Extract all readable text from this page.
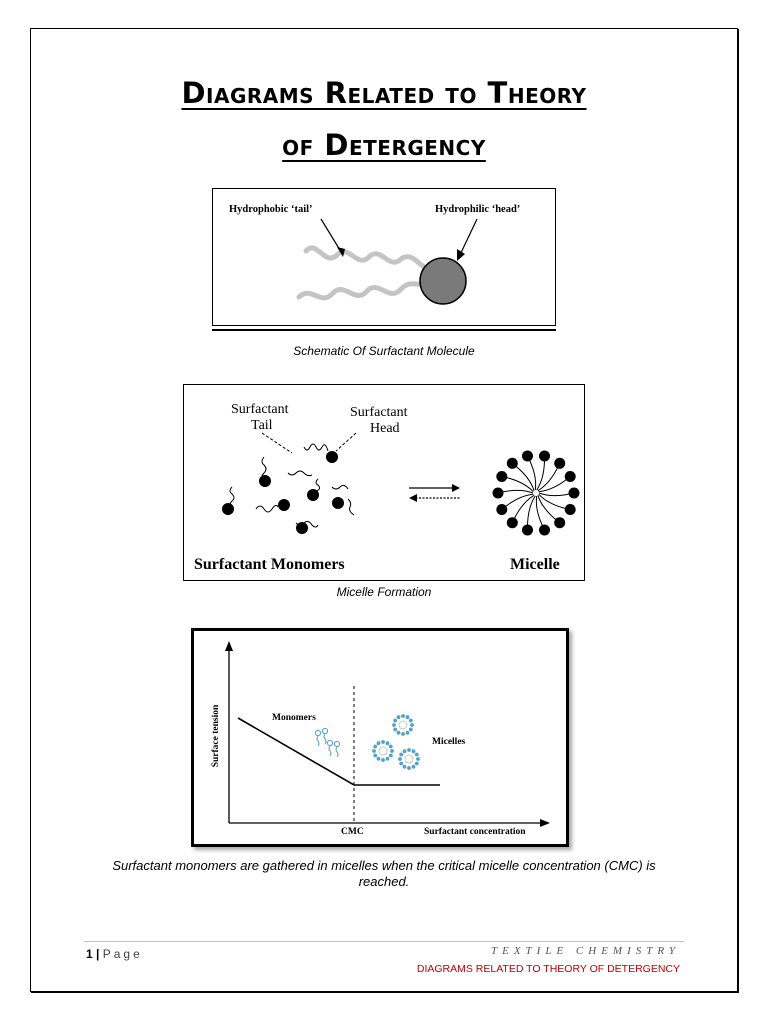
Diagrams Related to Theory
of Detergency
Hydrophobic ‘tail’	Hydrophilic ‘head’
Schematic Of Surfactant Molecule
Surfactant
Tail
Surfactant
Head
Surfactant Monomers	Micelle
Micelle Formation
Surface tension
Surfactant concentration
CMC
Monomers
Micelles
Surfactant monomers are gathered in micelles when the critical micelle concentration (CMC) is
reached.
1 | Page	TEXTILE CHEMISTRY
DIAGRAMS RELATED TO THEORY OF DETERGENCY
